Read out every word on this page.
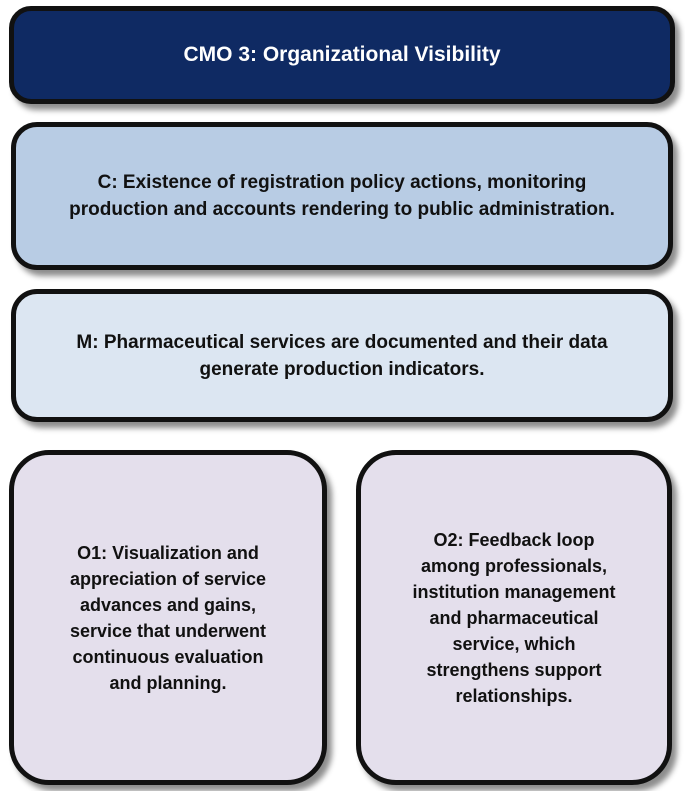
CMO 3: Organizational Visibility
C: Existence of registration policy actions, monitoring
production and accounts rendering to public administration.
M: Pharmaceutical services are documented and their data
generate production indicators.
O1: Visualization and
appreciation of service
advances and gains,
service that underwent
continuous evaluation
and planning.
O2: Feedback loop
among professionals,
institution management
and pharmaceutical
service, which
strengthens support
relationships.
